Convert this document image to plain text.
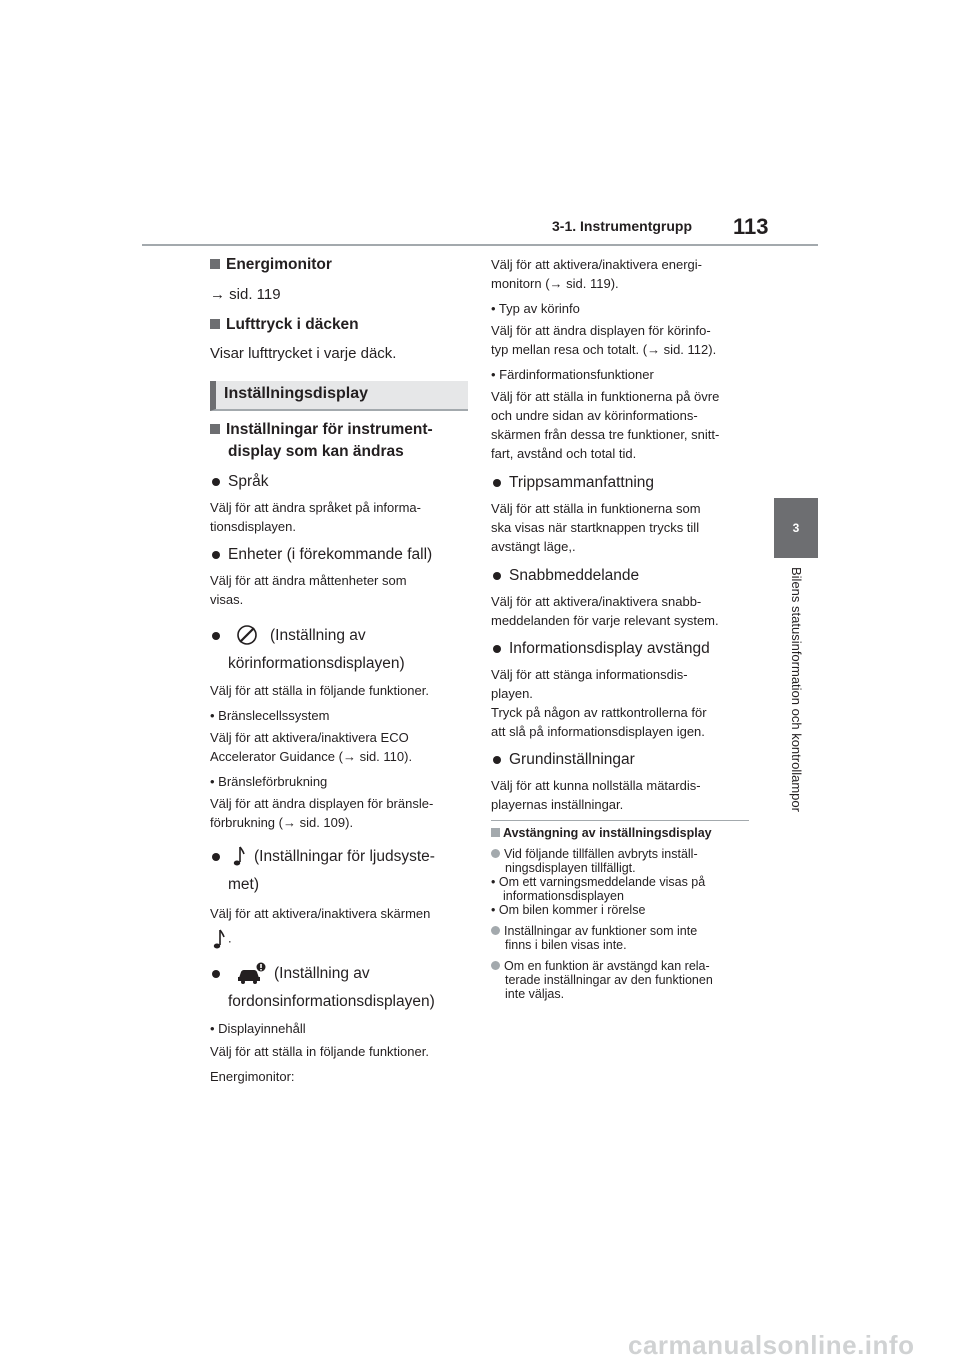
3-1. Instrumentgrupp 113
3
Bilens statusinformation och kontrollampor

Energimonitor

→ sid. 119

Lufttryck i däcken

Visar lufttrycket i varje däck.

Inställningsdisplay

Inställningar för instrument-

display som kan ändras

Språk

Välj för att ändra språket på informa-
tionsdisplayen.

Enheter (i förekommande fall)

Välj för att ändra måttenheter som
visas.

(Inställning av

körinformationsdisplayen)

Välj för att ställa in följande funktioner.

• Bränslecellssystem

Välj för att aktivera/inaktivera ECO
Accelerator Guidance (→ sid. 110).

• Bränsleförbrukning

Välj för att ändra displayen för bränsle-
förbrukning (→ sid. 109).

(Inställningar för ljudsyste-

met)

Välj för att aktivera/inaktivera skärmen

.

(Inställning av

fordonsinformationsdisplayen)

• Displayinnehåll

Välj för att ställa in följande funktioner.

Energimonitor:

Välj för att aktivera/inaktivera energi-
monitorn (→ sid. 119).

• Typ av körinfo

Välj för att ändra displayen för körinfo-
typ mellan resa och totalt. (→ sid. 112).

• Färdinformationsfunktioner

Välj för att ställa in funktionerna på övre
och undre sidan av körinformations-
skärmen från dessa tre funktioner, snitt-
fart, avstånd och total tid.

Trippsammanfattning

Välj för att ställa in funktionerna som
ska visas när startknappen trycks till
avstängt läge,.

Snabbmeddelande

Välj för att aktivera/inaktivera snabb-
meddelanden för varje relevant system.

Informationsdisplay avstängd

Välj för att stänga informationsdis-
playen.
Tryck på någon av rattkontrollerna för
att slå på informationsdisplayen igen.

Grundinställningar

Välj för att kunna nollställa mätardis-
playernas inställningar.

Avstängning av inställningsdisplay

Vid följande tillfällen avbryts inställ-
ningsdisplayen tillfälligt.
• Om ett varningsmeddelande visas på
informationsdisplayen
• Om bilen kommer i rörelse

Inställningar av funktioner som inte
finns i bilen visas inte.

Om en funktion är avstängd kan rela-
terade inställningar av den funktionen
inte väljas.

carmanualsonline.info
